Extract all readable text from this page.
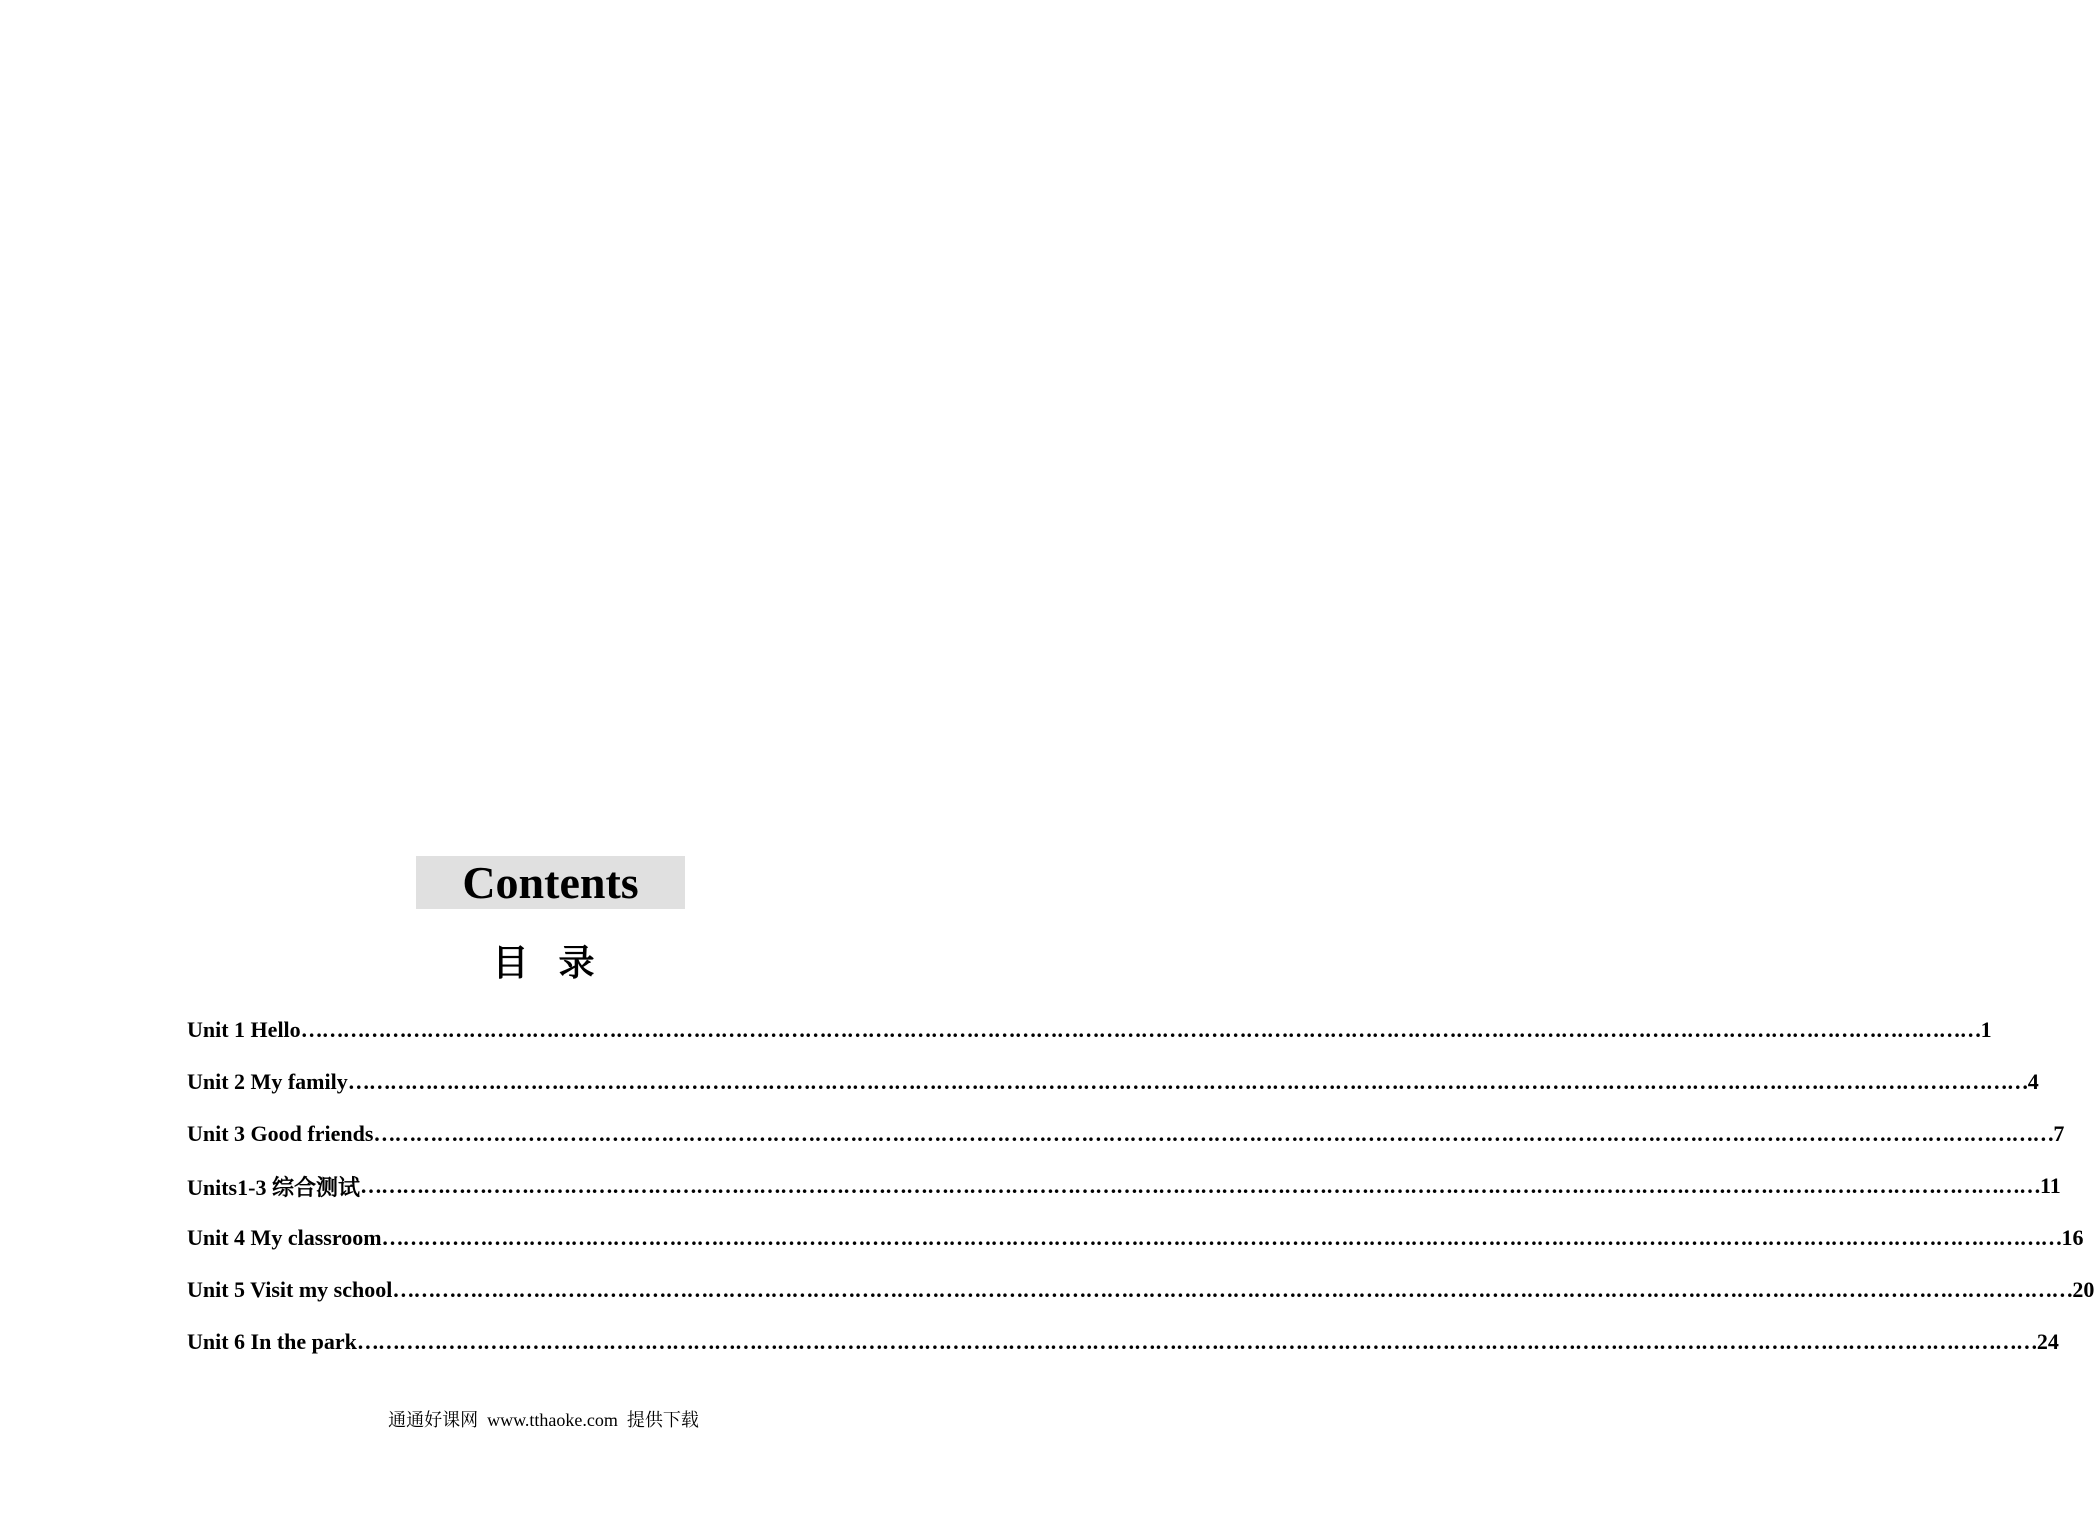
Contents
目录
Unit 1 Hello …………………………………………………………………………………………………………………………………………………………………………………………………………………… 1
Unit 2 My family …………………………………………………………………………………………………………………………………………………………………………………………………………………… 4
Unit 3 Good friends …………………………………………………………………………………………………………………………………………………………………………………………………………………… 7
Units1-3 综合测试 …………………………………………………………………………………………………………………………………………………………………………………………………………………… 11
Unit 4 My classroom …………………………………………………………………………………………………………………………………………………………………………………………………………………… 16
Unit 5 Visit my school …………………………………………………………………………………………………………………………………………………………………………………………………………………… 20
Unit 6 In the park …………………………………………………………………………………………………………………………………………………………………………………………………………………… 24
通通好课网  www.tthaoke.com  提供下载
